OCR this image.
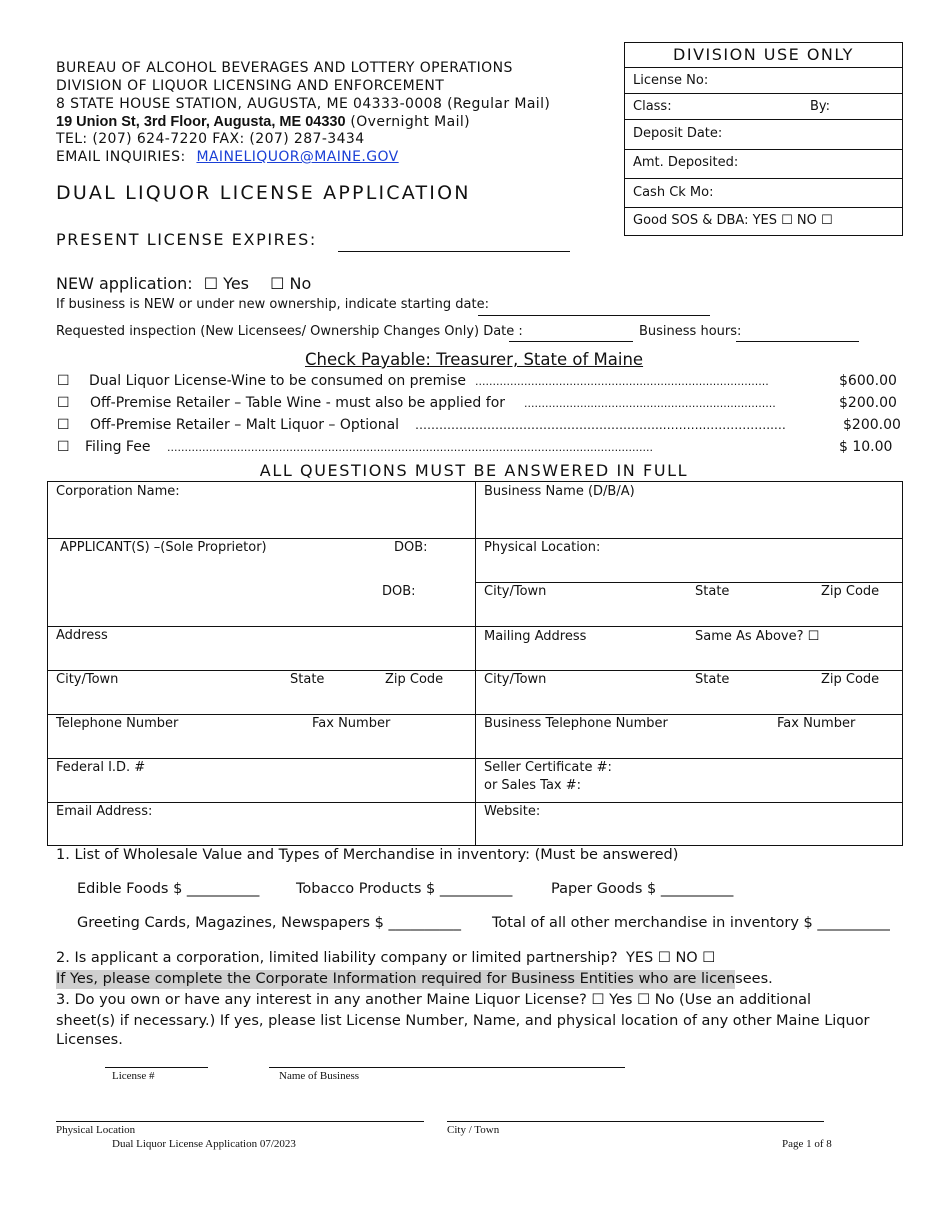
BUREAU OF ALCOHOL BEVERAGES AND LOTTERY OPERATIONS
DIVISION OF LIQUOR LICENSING AND ENFORCEMENT
8 STATE HOUSE STATION, AUGUSTA, ME 04333-0008 (Regular Mail)
19 Union St, 3rd Floor, Augusta, ME 04330 (Overnight Mail)
TEL: (207) 624-7220 FAX: (207) 287-3434
EMAIL INQUIRIES: MAINELIQUOR@MAINE.GOV
DUAL LIQUOR LICENSE APPLICATION
PRESENT LICENSE EXPIRES:
DIVISION USE ONLY
License No:
Class:	By:
Deposit Date:
Amt. Deposited:
Cash Ck Mo:
Good SOS & DBA: YES ☐ NO ☐
NEW application: ☐ Yes ☐ No
If business is NEW or under new ownership, indicate starting date:
Requested inspection (New Licensees/ Ownership Changes Only) Date :	Business hours:
Check Payable: Treasurer, State of Maine
☐ Dual Liquor License-Wine to be consumed on premise ....................................................................................	$600.00
☐ Off-Premise Retailer – Table Wine - must also be applied for ........................................................................	$200.00
☐ Off-Premise Retailer – Malt Liquor – Optional ……………………………………………………..………..……………..…	$200.00
☐ Filing Fee ...........................................................................................................................................	$ 10.00
ALL QUESTIONS MUST BE ANSWERED IN FULL
Corporation Name:	Business Name (D/B/A)
APPLICANT(S) –(Sole Proprietor)	DOB:	Physical Location:
DOB:	City/Town	State	Zip Code
Address	Mailing Address	Same As Above? ☐
City/Town	State	Zip Code	City/Town	State	Zip Code
Telephone Number	Fax Number	Business Telephone Number	Fax Number
Federal I.D. #	Seller Certificate #:
or Sales Tax #:
Email Address:	Website:
1. List of Wholesale Value and Types of Merchandise in inventory: (Must be answered)
Edible Foods $ __________	Tobacco Products $ __________	Paper Goods $ __________
Greeting Cards, Magazines, Newspapers $ __________ Total of all other merchandise in inventory $ __________
2. Is applicant a corporation, limited liability company or limited partnership? YES ☐ NO ☐
If Yes, please complete the Corporate Information required for Business Entities who are licensees.
3. Do you own or have any interest in any another Maine Liquor License? ☐ Yes ☐ No (Use an additional
sheet(s) if necessary.) If yes, please list License Number, Name, and physical location of any other Maine Liquor
Licenses.
License #	Name of Business
Physical Location	City / Town
Dual Liquor License Application 07/2023	Page 1 of 8
